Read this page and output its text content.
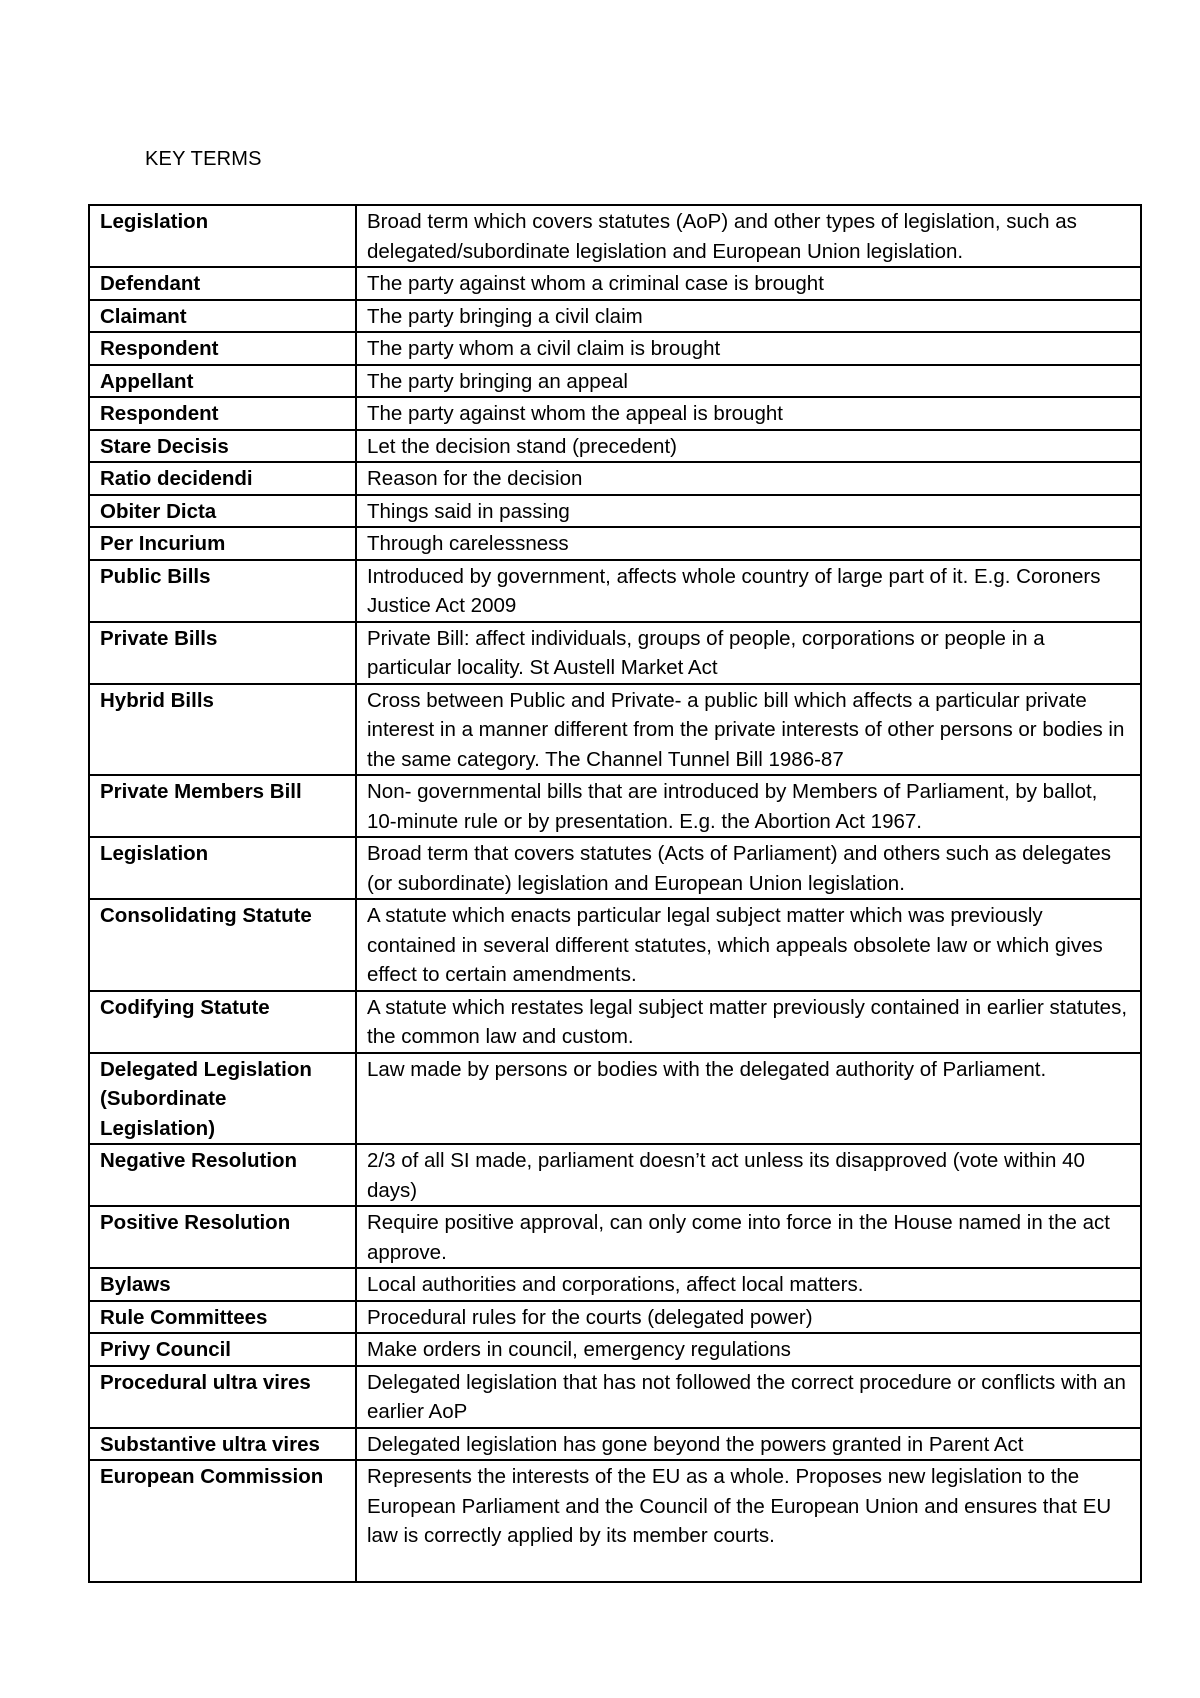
KEY TERMS
Legislation	Broad term which covers statutes (AoP) and other types of legislation, such as delegated/subordinate legislation and European Union legislation.
Defendant	The party against whom a criminal case is brought
Claimant	The party bringing a civil claim
Respondent	The party whom a civil claim is brought
Appellant	The party bringing an appeal
Respondent	The party against whom the appeal is brought
Stare Decisis	Let the decision stand (precedent)
Ratio decidendi	Reason for the decision
Obiter Dicta	Things said in passing
Per Incurium	Through carelessness
Public Bills	Introduced by government, affects whole country of large part of it. E.g. Coroners Justice Act 2009
Private Bills	Private Bill: affect individuals, groups of people, corporations or people in a particular locality. St Austell Market Act
Hybrid Bills	Cross between Public and Private- a public bill which affects a particular private interest in a manner different from the private interests of other persons or bodies in the same category. The Channel Tunnel Bill 1986-87
Private Members Bill	Non- governmental bills that are introduced by Members of Parliament, by ballot, 10-minute rule or by presentation. E.g. the Abortion Act 1967.
Legislation	Broad term that covers statutes (Acts of Parliament) and others such as delegates (or subordinate) legislation and European Union legislation.
Consolidating Statute	A statute which enacts particular legal subject matter which was previously contained in several different statutes, which appeals obsolete law or which gives effect to certain amendments.
Codifying Statute	A statute which restates legal subject matter previously contained in earlier statutes, the common law and custom.
Delegated Legislation (Subordinate Legislation)	Law made by persons or bodies with the delegated authority of Parliament.
Negative Resolution	2/3 of all SI made, parliament doesn’t act unless its disapproved (vote within 40 days)
Positive Resolution	Require positive approval, can only come into force in the House named in the act approve.
Bylaws	Local authorities and corporations, affect local matters.
Rule Committees	Procedural rules for the courts (delegated power)
Privy Council	Make orders in council, emergency regulations
Procedural ultra vires	Delegated legislation that has not followed the correct procedure or conflicts with an earlier AoP
Substantive ultra vires	Delegated legislation has gone beyond the powers granted in Parent Act
European Commission	Represents the interests of the EU as a whole. Proposes new legislation to the European Parliament and the Council of the European Union and ensures that EU law is correctly applied by its member courts.
